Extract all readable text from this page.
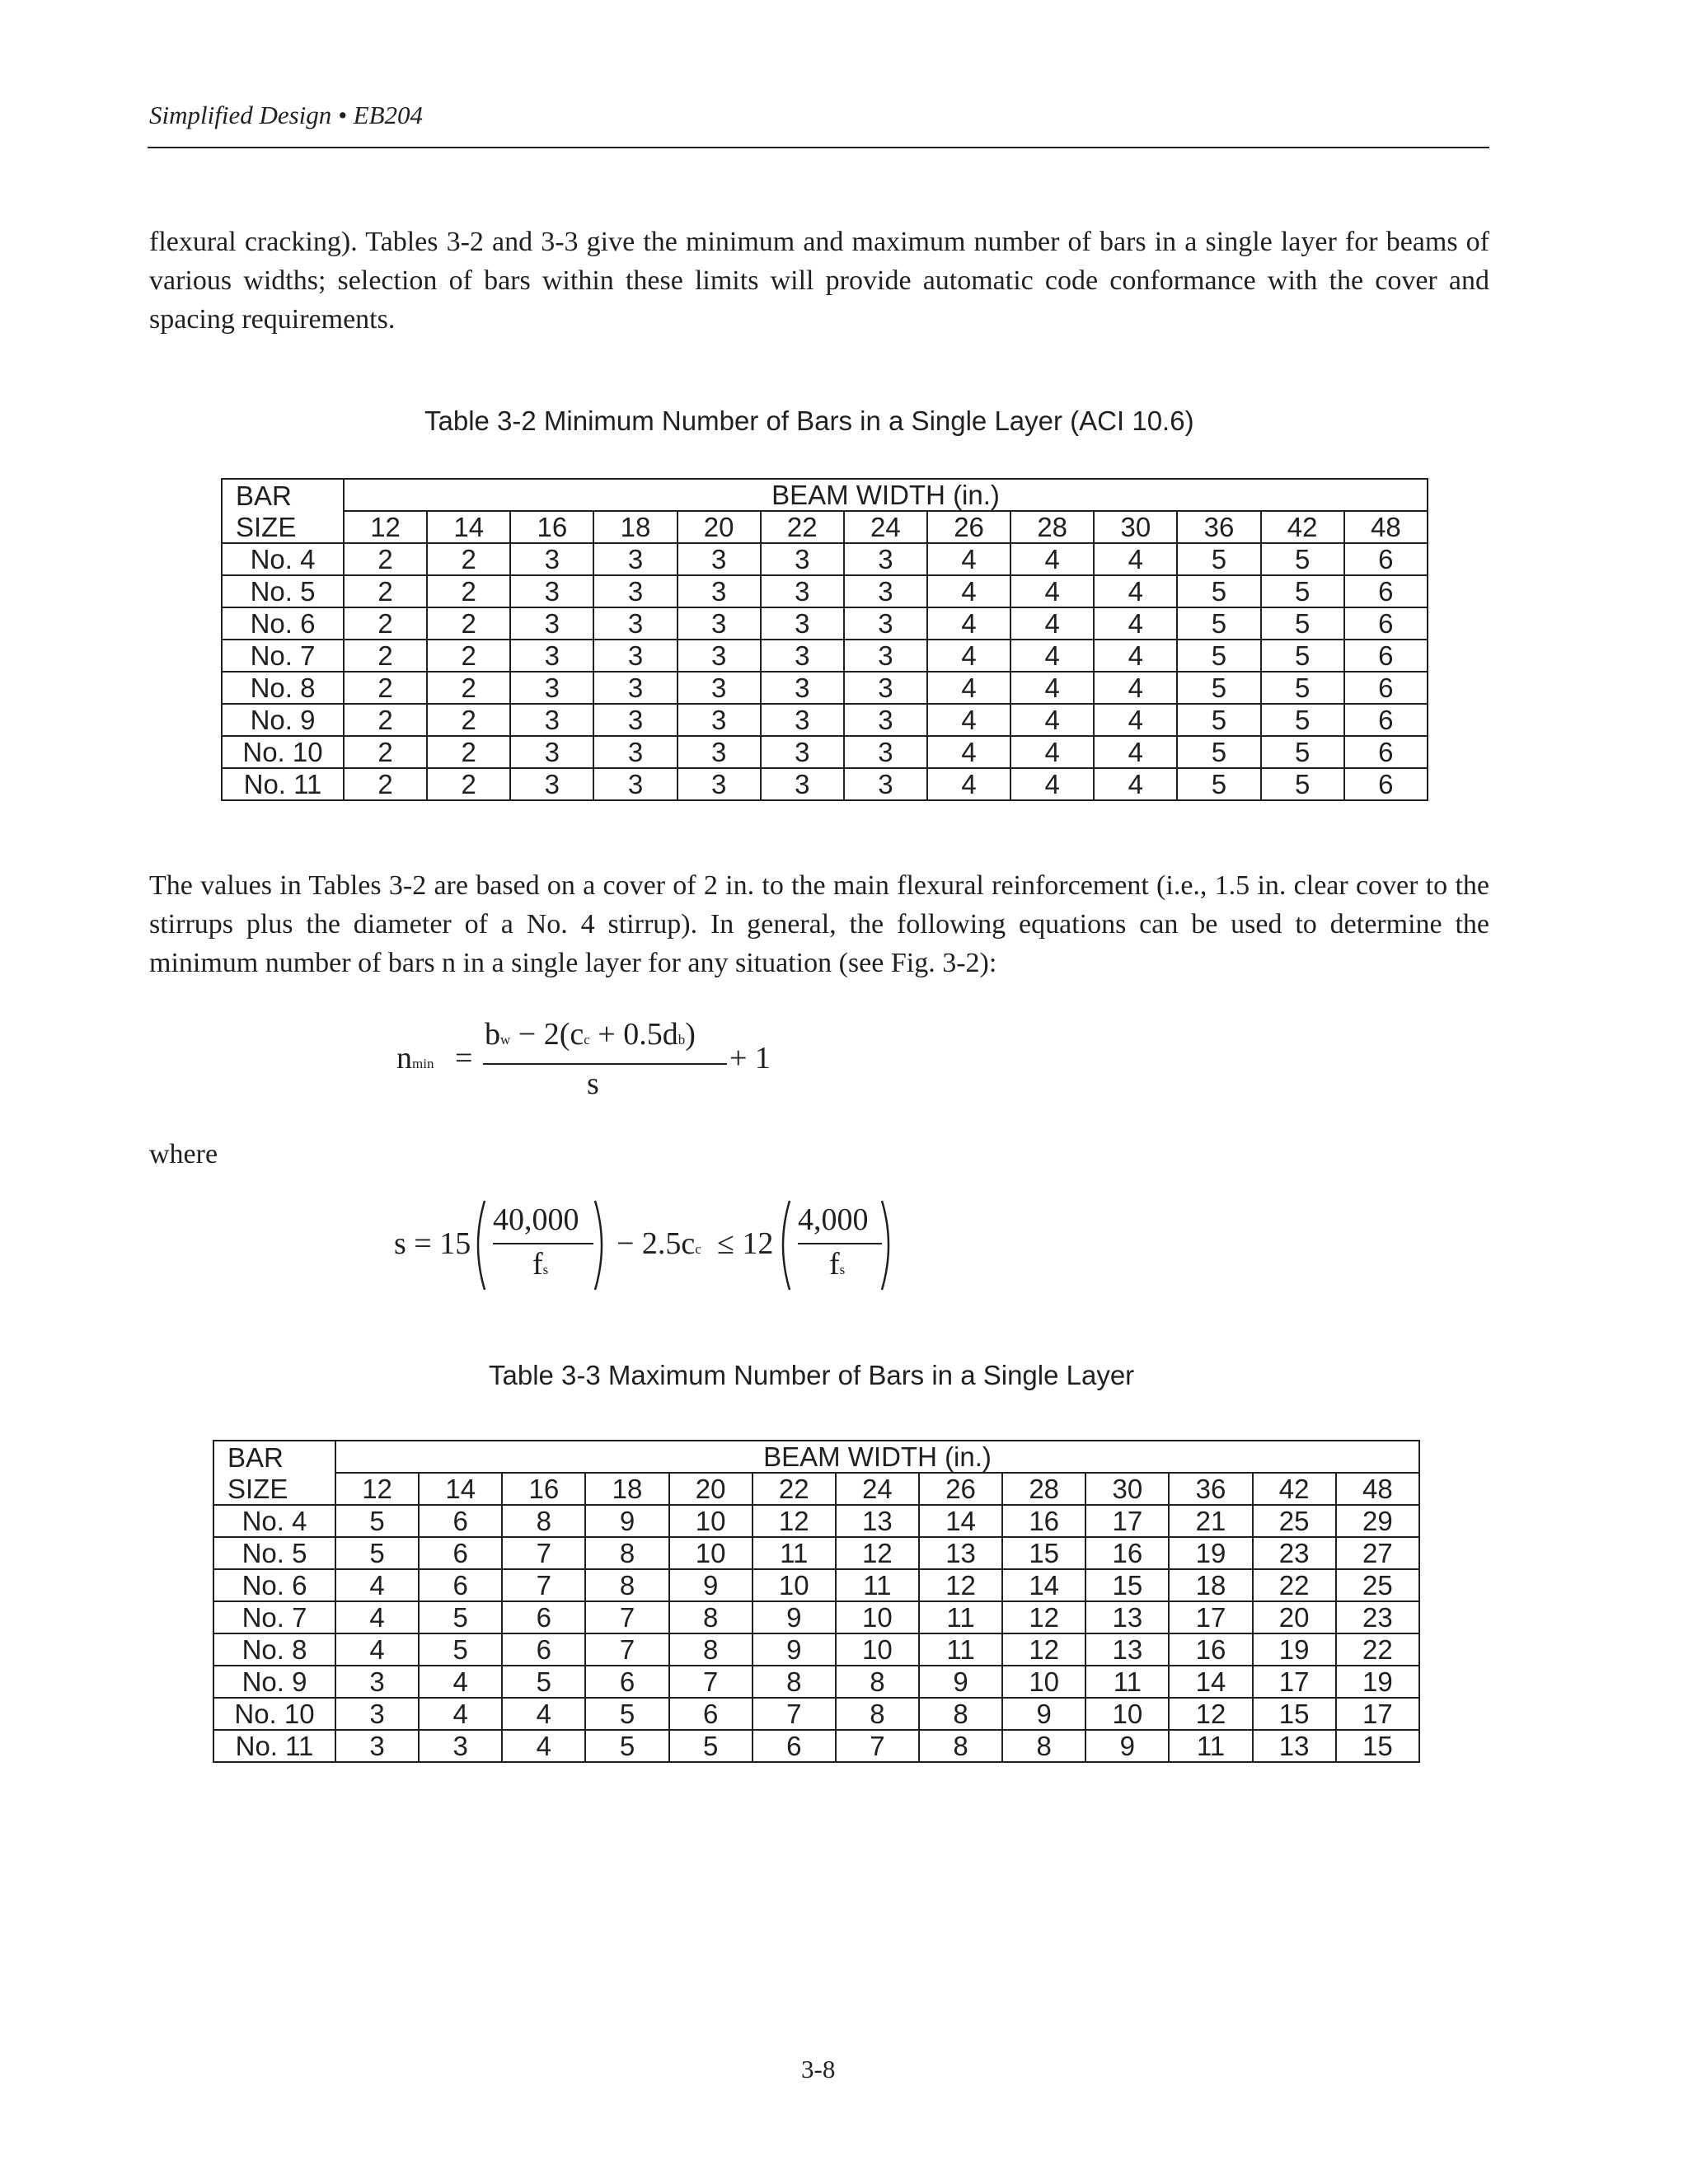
Simplified Design • EB204
flexural cracking). Tables 3-2 and 3-3 give the minimum and maximum number of bars in a single layer for beams of various widths; selection of bars within these limits will provide automatic code conformance with the cover and spacing requirements.
Table 3-2 Minimum Number of Bars in a Single Layer (ACI 10.6)
BAR	BEAM WIDTH (in.)												
SIZE	12	14	16	18	20	22	24	26	28	30	36	42	48
No. 4	2	2	3	3	3	3	3	4	4	4	5	5	6
No. 5	2	2	3	3	3	3	3	4	4	4	5	5	6
No. 6	2	2	3	3	3	3	3	4	4	4	5	5	6
No. 7	2	2	3	3	3	3	3	4	4	4	5	5	6
No. 8	2	2	3	3	3	3	3	4	4	4	5	5	6
No. 9	2	2	3	3	3	3	3	4	4	4	5	5	6
No. 10	2	2	3	3	3	3	3	4	4	4	5	5	6
No. 11	2	2	3	3	3	3	3	4	4	4	5	5	6
The values in Tables 3-2 are based on a cover of 2 in. to the main flexural reinforcement (i.e., 1.5 in. clear cover to the stirrups plus the diameter of a No. 4 stirrup). In general, the following equations can be used to determine the minimum number of bars n in a single layer for any situation (see Fig. 3-2):
nmin =
bw − 2(cc + 0.5db)
s
+ 1
where
s = 15
40,000
fs
− 2.5cc ≤ 12
4,000
fs
Table 3-3 Maximum Number of Bars in a Single Layer
BAR	BEAM WIDTH (in.)												
SIZE	12	14	16	18	20	22	24	26	28	30	36	42	48
No. 4	5	6	8	9	10	12	13	14	16	17	21	25	29
No. 5	5	6	7	8	10	11	12	13	15	16	19	23	27
No. 6	4	6	7	8	9	10	11	12	14	15	18	22	25
No. 7	4	5	6	7	8	9	10	11	12	13	17	20	23
No. 8	4	5	6	7	8	9	10	11	12	13	16	19	22
No. 9	3	4	5	6	7	8	8	9	10	11	14	17	19
No. 10	3	4	4	5	6	7	8	8	9	10	12	15	17
No. 11	3	3	4	5	5	6	7	8	8	9	11	13	15
3-8
